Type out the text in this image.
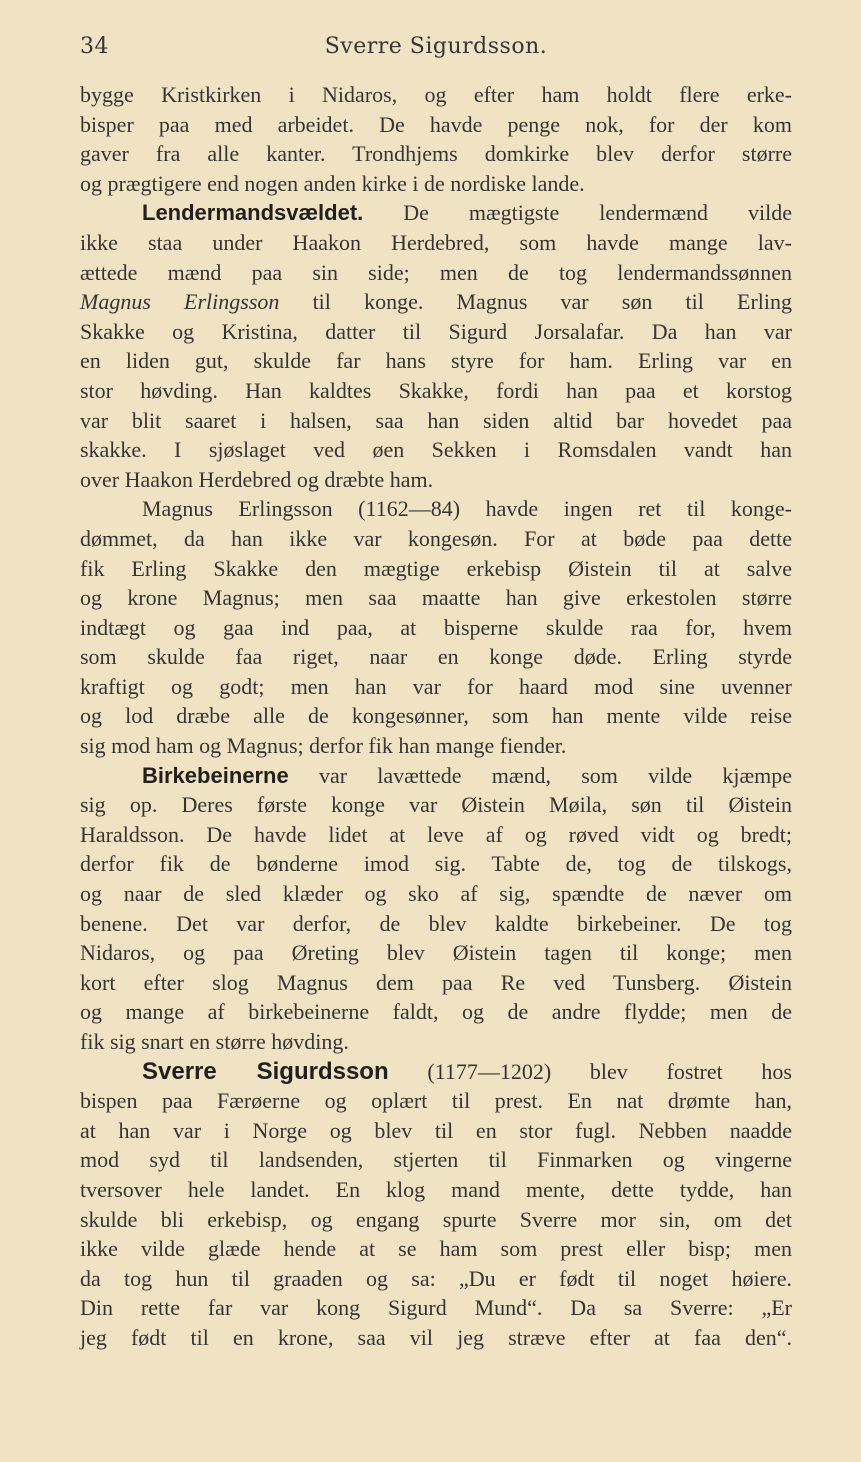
34	Sverre Sigurdsson.
bygge Kristkirken i Nidaros, og efter ham holdt flere erke-
bisper paa med arbeidet. De havde penge nok, for der kom
gaver fra alle kanter. Trondhjems domkirke blev derfor større
og prægtigere end nogen anden kirke i de nordiske lande.
Lendermandsvældet. De mægtigste lendermænd vilde
ikke staa under Haakon Herdebred, som havde mange lav-
ættede mænd paa sin side; men de tog lendermandssønnen
Magnus Erlingsson til konge. Magnus var søn til Erling
Skakke og Kristina, datter til Sigurd Jorsalafar. Da han var
en liden gut, skulde far hans styre for ham. Erling var en
stor høvding. Han kaldtes Skakke, fordi han paa et korstog
var blit saaret i halsen, saa han siden altid bar hovedet paa
skakke. I sjøslaget ved øen Sekken i Romsdalen vandt han
over Haakon Herdebred og dræbte ham.
Magnus Erlingsson (1162—84) havde ingen ret til konge-
dømmet, da han ikke var kongesøn. For at bøde paa dette
fik Erling Skakke den mægtige erkebisp Øistein til at salve
og krone Magnus; men saa maatte han give erkestolen større
indtægt og gaa ind paa, at bisperne skulde raa for, hvem
som skulde faa riget, naar en konge døde. Erling styrde
kraftigt og godt; men han var for haard mod sine uvenner
og lod dræbe alle de kongesønner, som han mente vilde reise
sig mod ham og Magnus; derfor fik han mange fiender.
Birkebeinerne var lavættede mænd, som vilde kjæmpe
sig op. Deres første konge var Øistein Møila, søn til Øistein
Haraldsson. De havde lidet at leve af og røved vidt og bredt;
derfor fik de bønderne imod sig. Tabte de, tog de tilskogs,
og naar de sled klæder og sko af sig, spændte de næver om
benene. Det var derfor, de blev kaldte birkebeiner. De tog
Nidaros, og paa Øreting blev Øistein tagen til konge; men
kort efter slog Magnus dem paa Re ved Tunsberg. Øistein
og mange af birkebeinerne faldt, og de andre flydde; men de
fik sig snart en større høvding.
Sverre Sigurdsson (1177—1202) blev fostret hos
bispen paa Færøerne og oplært til prest. En nat drømte han,
at han var i Norge og blev til en stor fugl. Nebben naadde
mod syd til landsenden, stjerten til Finmarken og vingerne
tversover hele landet. En klog mand mente, dette tydde, han
skulde bli erkebisp, og engang spurte Sverre mor sin, om det
ikke vilde glæde hende at se ham som prest eller bisp; men
da tog hun til graaden og sa: „Du er født til noget høiere.
Din rette far var kong Sigurd Mund“. Da sa Sverre: „Er
jeg født til en krone, saa vil jeg stræve efter at faa den“.
